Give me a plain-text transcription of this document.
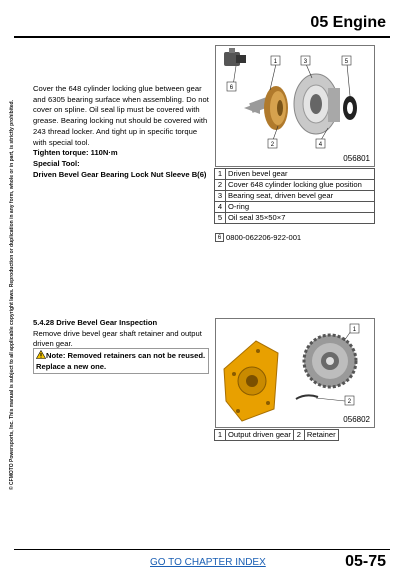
05 Engine
© CFMOTO Powersports, Inc. This manual is subject to all applicable copyright laws. Reproduction or duplication in any form, whole or in part, is strictly prohibited.
Cover the 648 cylinder locking glue between gear and 6305 bearing surface when assembling. Do not cover on spline. Oil seal lip must be covered with grease. Bearing locking nut should be covered with 243 thread locker. And tight up in specific torque with special tool.
Tighten torque: 110N·m
Special Tool:
Driven Bevel Gear Bearing Lock Nut Sleeve B(6)
6
1	3	5
2	4
056801
1	Driven bevel gear
2	Cover 648 cylinder locking glue position
3	Bearing seat, driven bevel gear
4	O-ring
5	Oil seal 35×50×7
6 0800-062206-922-001
5.4.28 Drive Bevel Gear Inspection
Remove drive bevel gear shaft retainer and output driven gear.
Note: Removed retainers can not be reused. Replace a new one.
1
2
056802
1	Output driven gear	2	Retainer
GO TO CHAPTER INDEX	05-75
